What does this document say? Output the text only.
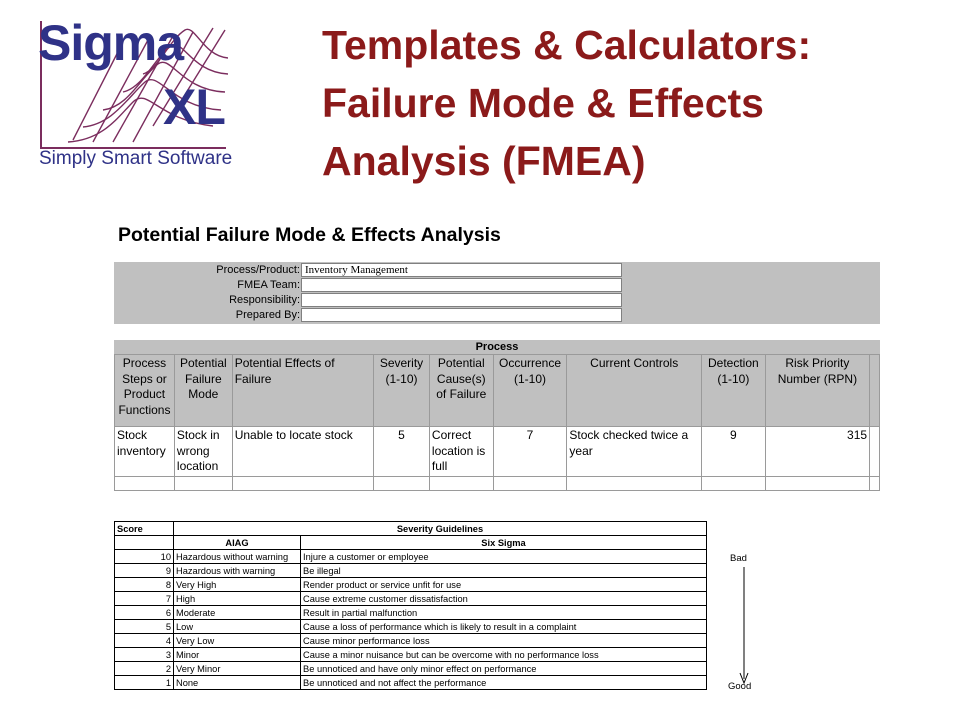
Sigma
XL
Simply Smart Software
Templates & Calculators:
Failure Mode & Effects
Analysis (FMEA)
Potential Failure Mode & Effects Analysis
Process/Product: Inventory Management
FMEA Team:
Responsibility:
Prepared By:
Process
Process Steps or Product Functions	Potential Failure Mode	Potential Effects of Failure	Severity (1-10)	Potential Cause(s) of Failure	Occurrence (1-10)	Current Controls	Detection (1-10)	Risk Priority Number (RPN)	
Stock inventory	Stock in wrong location	Unable to locate stock	5	Correct location is full	7	Stock checked twice a year	9	315	

Score	Severity Guidelines	
	AIAG	Six Sigma
10	Hazardous without warning	Injure a customer or employee
9	Hazardous with warning	Be illegal
8	Very High	Render product or service unfit for use
7	High	Cause extreme customer dissatisfaction
6	Moderate	Result in partial malfunction
5	Low	Cause a loss of performance which is likely to result in a complaint
4	Very Low	Cause minor performance loss
3	Minor	Cause a minor nuisance but can be overcome with no performance loss
2	Very Minor	Be unnoticed and have only minor effect on performance
1	None	Be unnoticed and not affect the performance
Bad
Good
